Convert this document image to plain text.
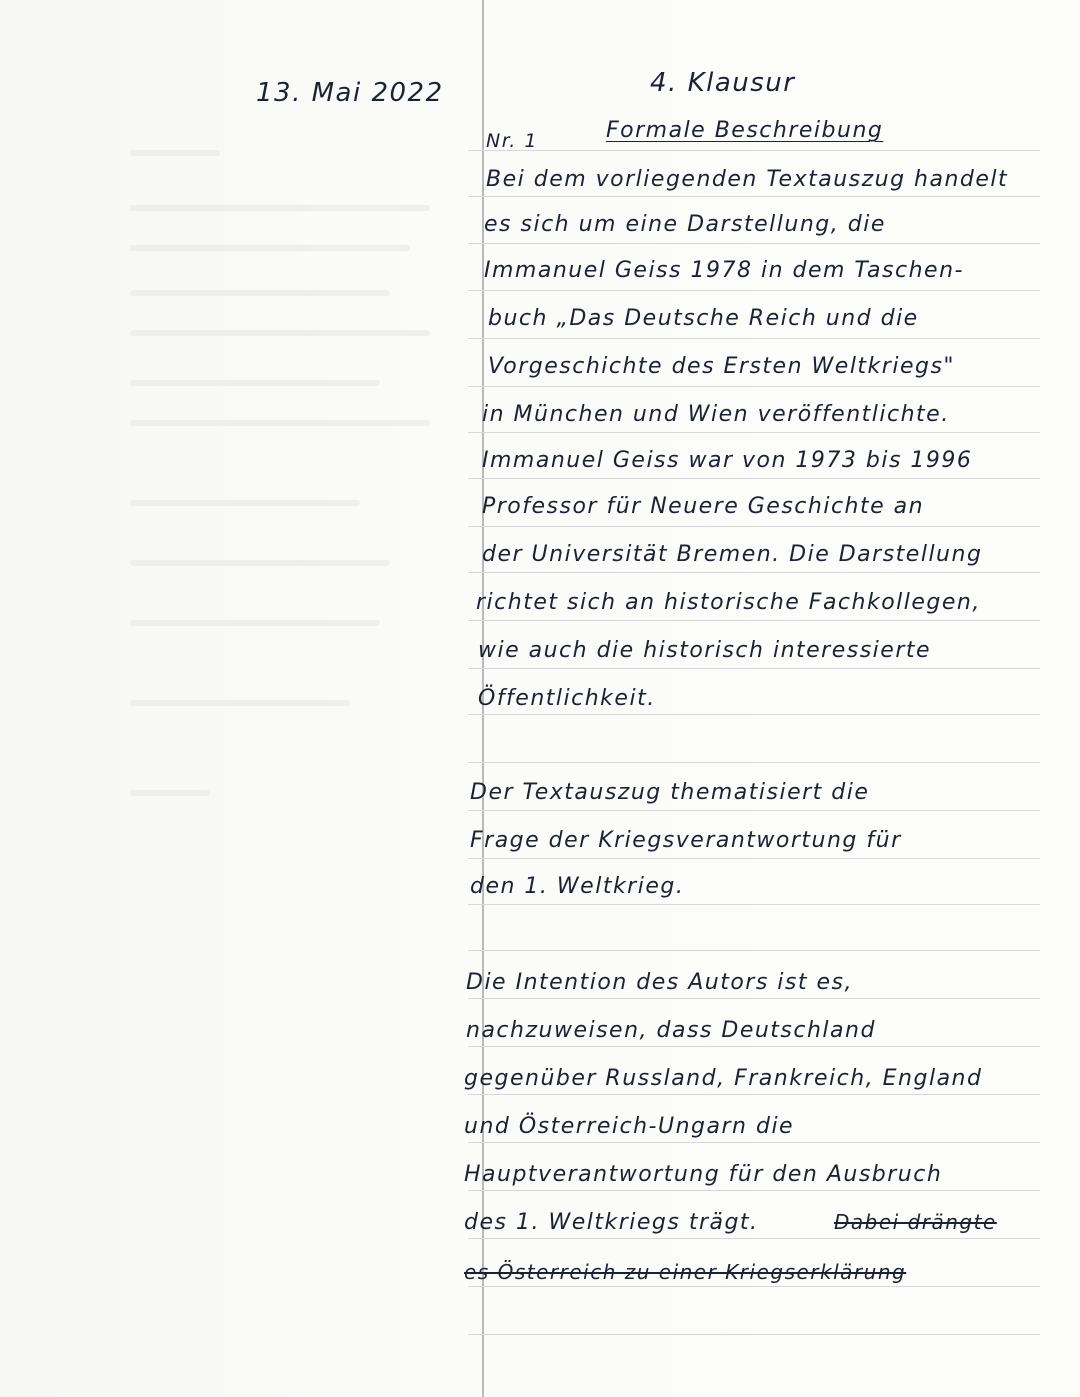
13. Mai 2022	4. Klausur
Nr. 1	Formale Beschreibung
Bei dem vorliegenden Textauszug handelt
es sich um eine Darstellung, die
Immanuel Geiss 1978 in dem Taschen-
buch „Das Deutsche Reich und die
Vorgeschichte des Ersten Weltkriegs"
in München und Wien veröffentlichte.
Immanuel Geiss war von 1973 bis 1996
Professor für Neuere Geschichte an
der Universität Bremen. Die Darstellung
richtet sich an historische Fachkollegen,
wie auch die historisch interessierte
Öffentlichkeit.
Der Textauszug thematisiert die
Frage der Kriegsverantwortung für
den 1. Weltkrieg.
Die Intention des Autors ist es,
nachzuweisen, dass Deutschland
gegenüber Russland, Frankreich, England
und Österreich-Ungarn die
Hauptverantwortung für den Ausbruch
des 1. Weltkriegs trägt.	Dabei drängte
es Österreich zu einer Kriegserklärung
